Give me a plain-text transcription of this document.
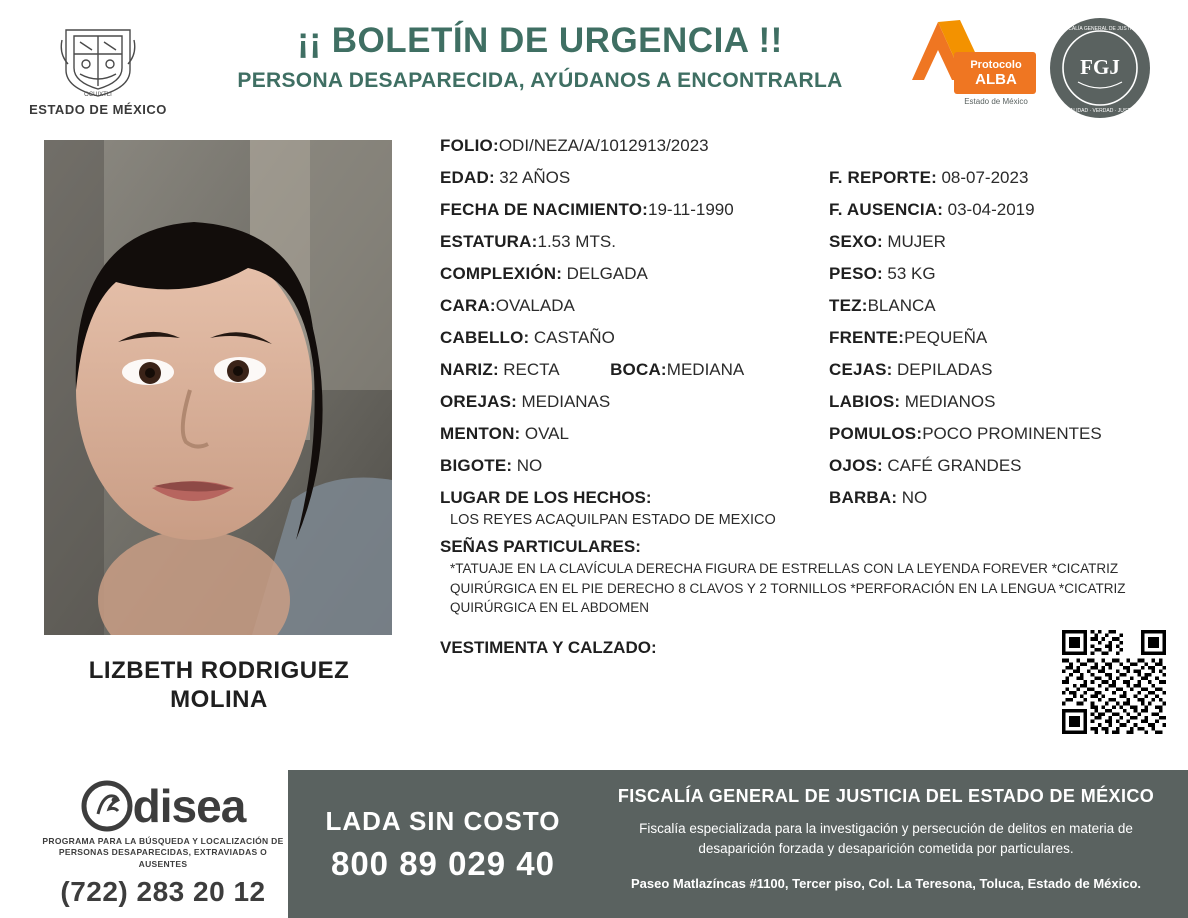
OCUIXTLI
ESTADO DE MÉXICO
¡¡ BOLETÍN DE URGENCIA !!
PERSONA DESAPARECIDA, AYÚDANOS A ENCONTRARLA
Protocolo
ALBA
Estado de México
FGJ
FISCALÍA GENERAL DE JUSTICIA
LEGALIDAD · VERDAD · JUSTICIA
LIZBETH RODRIGUEZ MOLINA
FOLIO:ODI/NEZA/A/1012913/2023
EDAD: 32 AÑOS	F. REPORTE: 08-07-2023
FECHA DE NACIMIENTO:19-11-1990	F. AUSENCIA: 03-04-2019
ESTATURA:1.53 MTS.	SEXO: MUJER
COMPLEXIÓN: DELGADA	PESO: 53 KG
CARA:OVALADA	TEZ:BLANCA
CABELLO: CASTAÑO	FRENTE:PEQUEÑA
NARIZ: RECTA	BOCA:MEDIANA	CEJAS: DEPILADAS
OREJAS: MEDIANAS	LABIOS: MEDIANOS
MENTON: OVAL	POMULOS:POCO PROMINENTES
BIGOTE: NO	OJOS: CAFÉ GRANDES
LUGAR DE LOS HECHOS:
LOS REYES ACAQUILPAN ESTADO DE MEXICO
BARBA: NO
SEÑAS PARTICULARES:
*TATUAJE EN LA CLAVÍCULA DERECHA FIGURA DE ESTRELLAS CON LA LEYENDA FOREVER *CICATRIZ QUIRÚRGICA EN EL PIE DERECHO 8 CLAVOS Y 2 TORNILLOS *PERFORACIÓN EN LA LENGUA *CICATRIZ QUIRÚRGICA EN EL ABDOMEN
VESTIMENTA Y CALZADO:
disea
PROGRAMA PARA LA BÚSQUEDA Y LOCALIZACIÓN DE PERSONAS DESAPARECIDAS, EXTRAVIADAS O AUSENTES
(722) 283 20 12
LADA SIN COSTO
800 89 029 40
FISCALÍA GENERAL DE JUSTICIA DEL ESTADO DE MÉXICO
Fiscalía especializada para la investigación y persecución de delitos en materia de desaparición forzada y desaparición cometida por particulares.
Paseo Matlazíncas #1100, Tercer piso, Col. La Teresona, Toluca, Estado de México.
